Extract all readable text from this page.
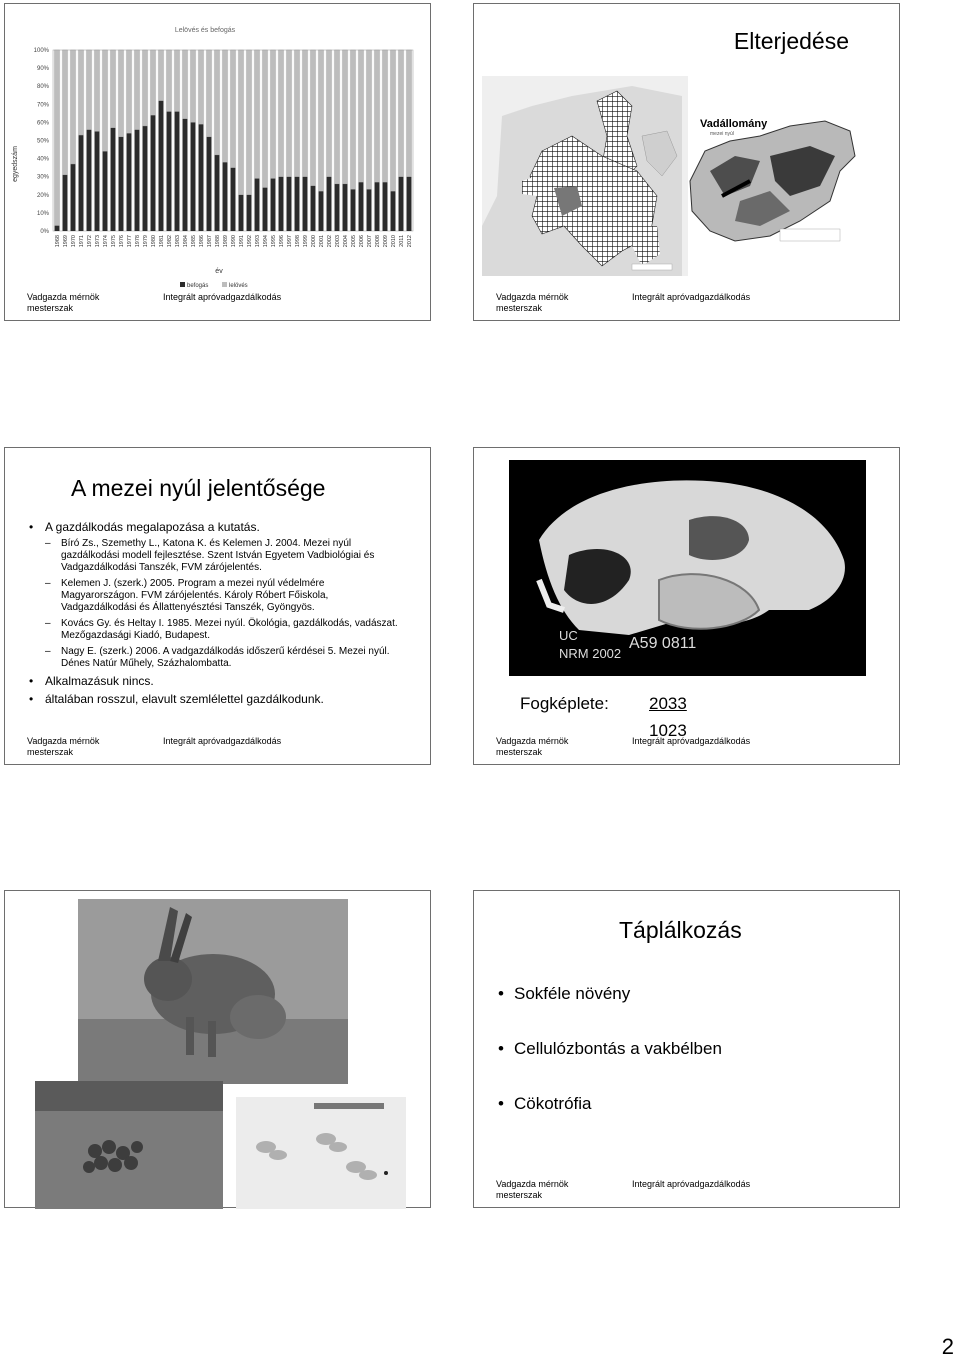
Lelövés és befogás
egyedszám
0%
10%
20%
30%
40%
50%
60%
70%
80%
90%
100%
1968 1969 1970 1971 1972 1973 1974 1975 1976 1977 1978 1979 1980 1981 1982 1983 1984 1985 1986 1987 1988 1989 1990 1991 1992 1993 1994 1995 1996 1997 1998 1999 2000 2001 2002 2003 2004 2005 2006 2007 2008 2009 2010 2011 2012
év
befogás	lelövés
Vadgazda mérnök mesterszak
Integrált apróvadgazdálkodás
Elterjedése
Vadállomány
mezei nyúl
Vadgazda mérnök mesterszak
Integrált apróvadgazdálkodás
A mezei nyúl jelentősége
• A gazdálkodás megalapozása a kutatás.
– Bíró Zs., Szemethy L., Katona K. és Kelemen J. 2004. Mezei nyúl gazdálkodási modell fejlesztése. Szent István Egyetem Vadbiológiai és Vadgazdálkodási Tanszék, FVM zárójelentés.
– Kelemen J. (szerk.) 2005. Program a mezei nyúl védelmére Magyarországon. FVM zárójelentés. Károly Róbert Főiskola, Vadgazdálkodási és Állattenyésztési Tanszék, Gyöngyös.
– Kovács Gy. és Heltay I. 1985. Mezei nyúl. Ökológia, gazdálkodás, vadászat. Mezőgazdasági Kiadó, Budapest.
– Nagy E. (szerk.) 2006. A vadgazdálkodás időszerű kérdései 5. Mezei nyúl. Dénes Natúr Műhely, Százhalombatta.
• Alkalmazásuk nincs.
• általában rosszul, elavult szemlélettel gazdálkodunk.
Vadgazda mérnök mesterszak
Integrált apróvadgazdálkodás
UC
NRM 2002
A59 0811
Fogképlete: 2033
1023
Vadgazda mérnök mesterszak
Integrált apróvadgazdálkodás
Táplálkozás
• Sokféle növény
• Cellulózbontás a vakbélben
• Cökotrófia
Vadgazda mérnök mesterszak
Integrált apróvadgazdálkodás
2
